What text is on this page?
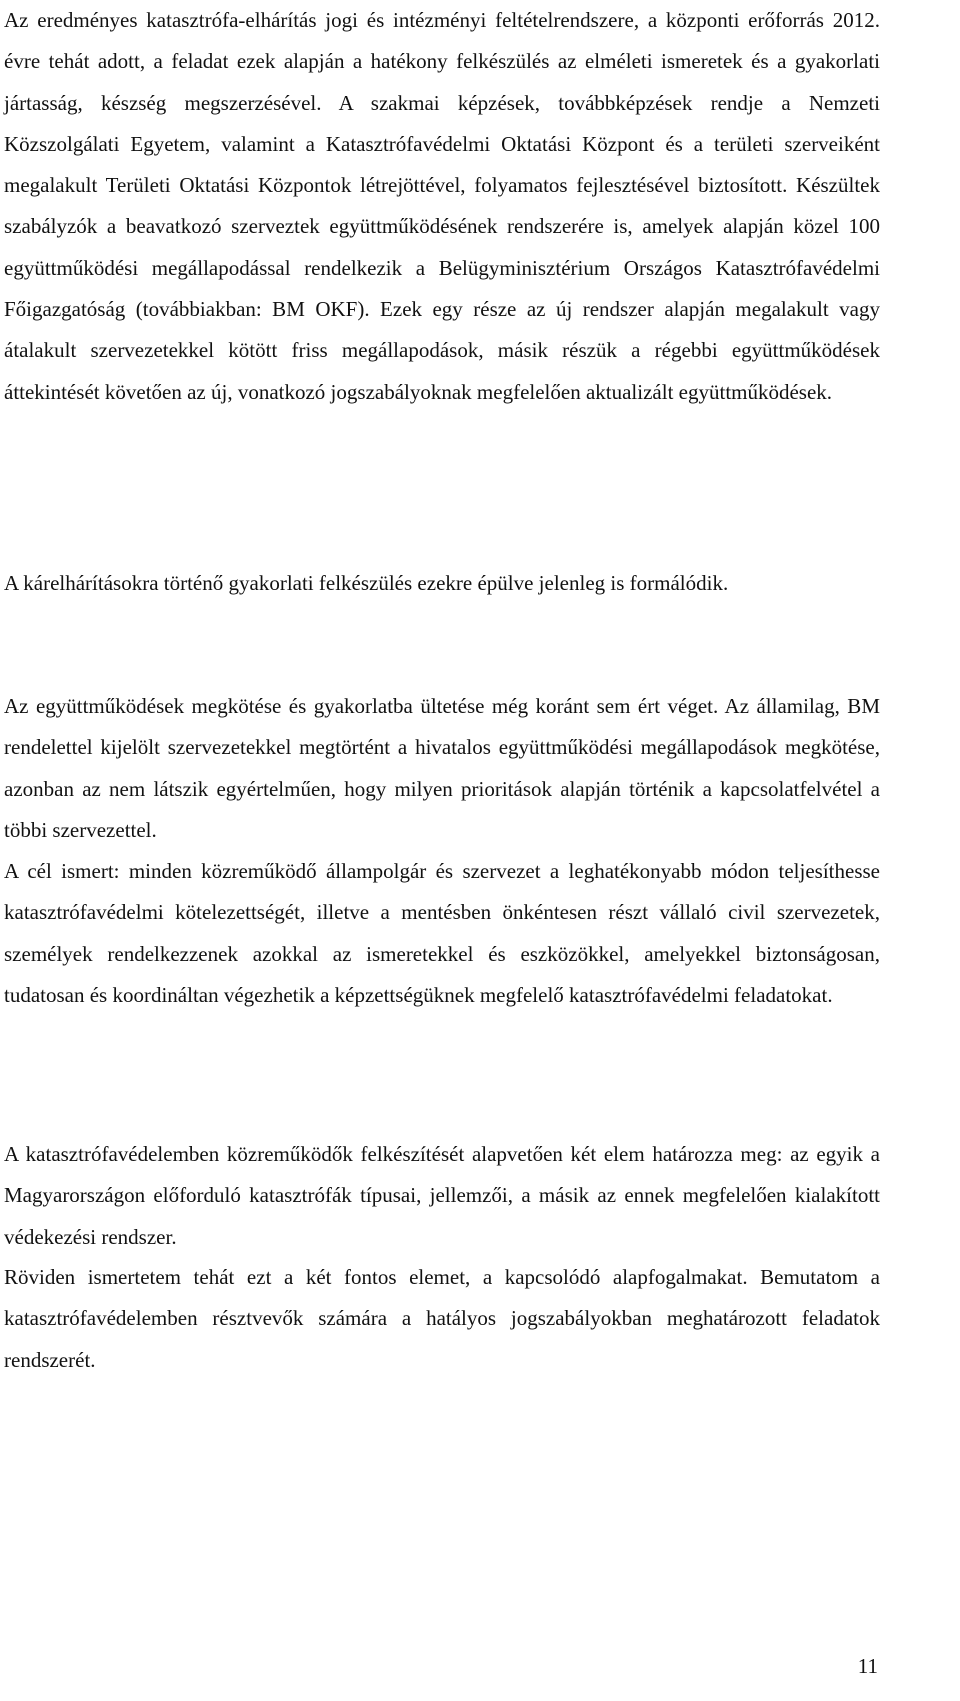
Az eredményes katasztrófa-elhárítás jogi és intézményi feltételrendszere, a központi erőforrás 2012. évre tehát adott, a feladat ezek alapján a hatékony felkészülés az elméleti ismeretek és a gyakorlati jártasság, készség megszerzésével. A szakmai képzések, továbbképzések rendje a Nemzeti Közszolgálati Egyetem, valamint a Katasztrófavédelmi Oktatási Központ és a területi szerveiként megalakult Területi Oktatási Központok létrejöttével, folyamatos fejlesztésével biztosított. Készültek szabályzók a beavatkozó szerveztek együttműködésének rendszerére is, amelyek alapján közel 100 együttműködési megállapodással rendelkezik a Belügyminisztérium Országos Katasztrófavédelmi Főigazgatóság (továbbiakban: BM OKF). Ezek egy része az új rendszer alapján megalakult vagy átalakult szervezetekkel kötött friss megállapodások, másik részük a régebbi együttműködések áttekintését követően az új, vonatkozó jogszabályoknak megfelelően aktualizált együttműködések.

A kárelhárításokra történő gyakorlati felkészülés ezekre épülve jelenleg is formálódik.

Az együttműködések megkötése és gyakorlatba ültetése még koránt sem ért véget. Az államilag, BM rendelettel kijelölt szervezetekkel megtörtént a hivatalos együttműködési megállapodások megkötése, azonban az nem látszik egyértelműen, hogy milyen prioritások alapján történik a kapcsolatfelvétel a többi szervezettel.

A cél ismert: minden közreműködő állampolgár és szervezet a leghatékonyabb módon teljesíthesse katasztrófavédelmi kötelezettségét, illetve a mentésben önkéntesen részt vállaló civil szervezetek, személyek rendelkezzenek azokkal az ismeretekkel és eszközökkel, amelyekkel biztonságosan, tudatosan és koordináltan végezhetik a képzettségüknek megfelelő katasztrófavédelmi feladatokat.

A katasztrófavédelemben közreműködők felkészítését alapvetően két elem határozza meg: az egyik a Magyarországon előforduló katasztrófák típusai, jellemzői, a másik az ennek megfelelően kialakított védekezési rendszer.

Röviden ismertetem tehát ezt a két fontos elemet, a kapcsolódó alapfogalmakat. Bemutatom a katasztrófavédelemben résztvevők számára a hatályos jogszabályokban meghatározott feladatok rendszerét.

11
